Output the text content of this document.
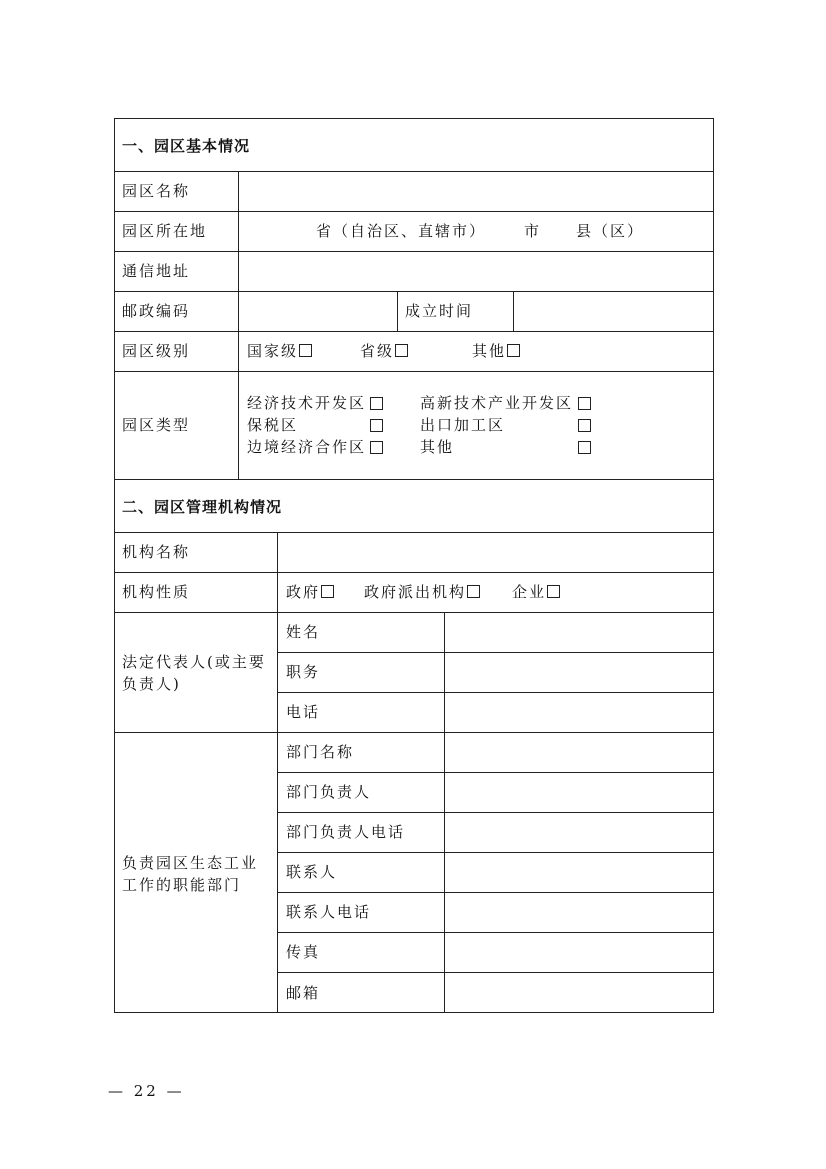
一、园区基本情况
园区名称
园区所在地	省（自治区、直辖市）	市 县（区）
通信地址
邮政编码	成立时间
园区级别	国家级	省级	其他
园区类型
经济技术开发区	高新技术产业开发区
保税区	出口加工区
边境经济合作区	其他
二、园区管理机构情况
机构名称
机构性质	政府	政府派出机构	企业
法定代表人(或主要
负责人)
姓名
职务
电话
负责园区生态工业
工作的职能部门
部门名称
部门负责人
部门负责人电话
联系人
联系人电话
传真
邮箱
— 22 —
